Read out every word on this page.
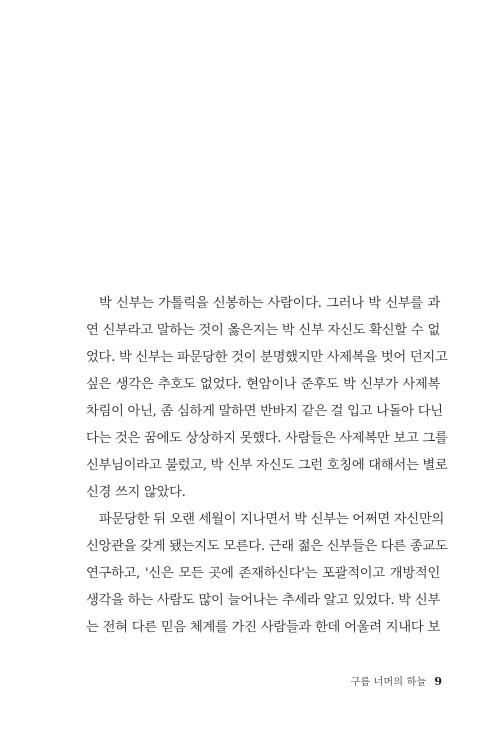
박 신부는 가톨릭을 신봉하는 사람이다. 그러나 박 신부를 과
연 신부라고 말하는 것이 옳은지는 박 신부 자신도 확신할 수 없
었다. 박 신부는 파문당한 것이 분명했지만 사제복을 벗어 던지고
싶은 생각은 추호도 없었다. 현암이나 준후도 박 신부가 사제복
차림이 아닌, 좀 심하게 말하면 반바지 같은 걸 입고 나돌아 다닌
다는 것은 꿈에도 상상하지 못했다. 사람들은 사제복만 보고 그를
신부님이라고 불렀고, 박 신부 자신도 그런 호칭에 대해서는 별로
신경 쓰지 않았다.
파문당한 뒤 오랜 세월이 지나면서 박 신부는 어쩌면 자신만의
신앙관을 갖게 됐는지도 모른다. 근래 젊은 신부들은 다른 종교도
연구하고, '신은 모든 곳에 존재하신다'는 포괄적이고 개방적인
생각을 하는 사람도 많이 늘어나는 추세라 알고 있었다. 박 신부
는 전혀 다른 믿음 체계를 가진 사람들과 한데 어울려 지내다 보
구름 너머의 하늘 9
